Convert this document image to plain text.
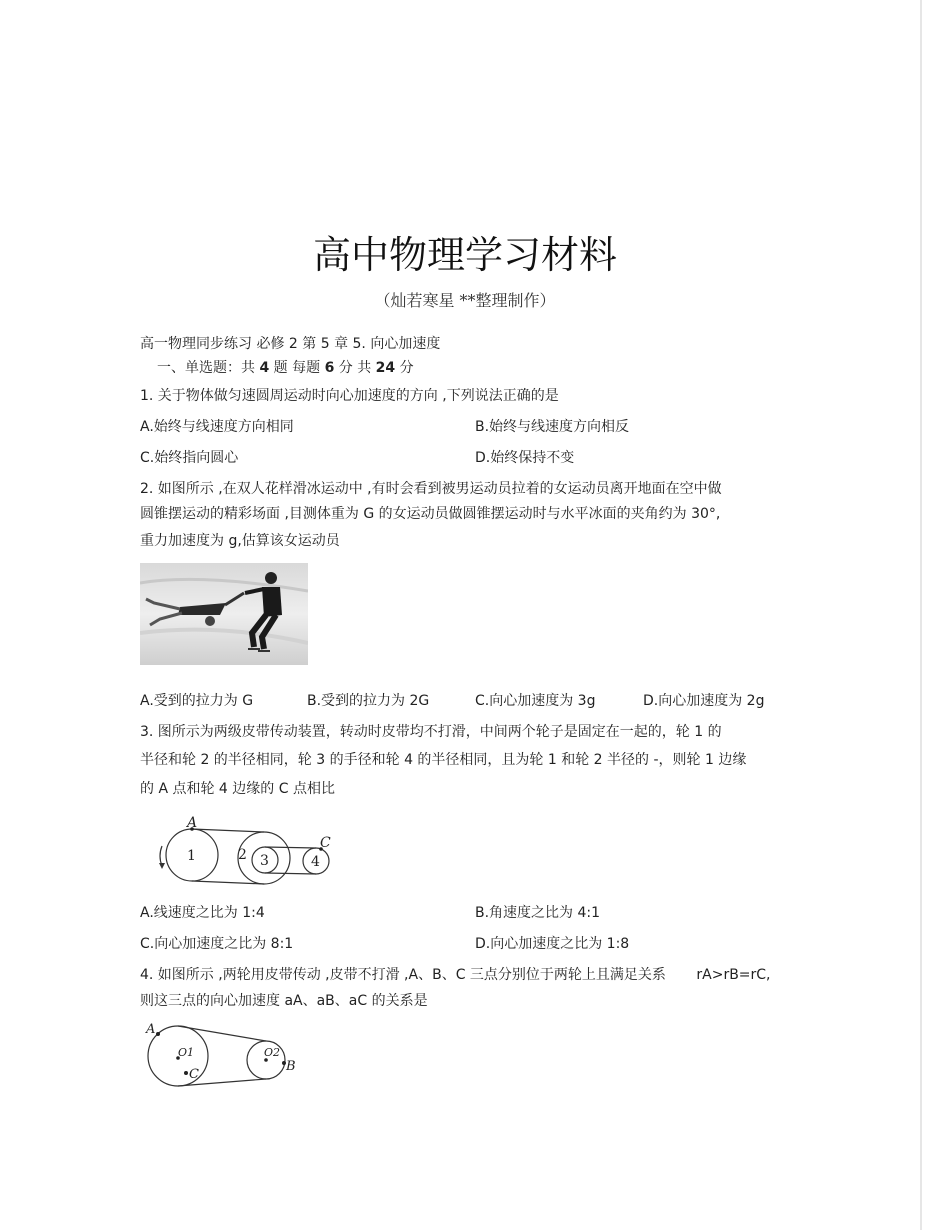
高中物理学习材料
（灿若寒星 **整理制作）
高一物理同步练习 必修 2 第 5 章 5. 向心加速度
一、单选题：共 4 题 每题 6 分 共 24 分
1. 关于物体做匀速圆周运动时向心加速度的方向 ,下列说法正确的是
A.始终与线速度方向相同	B.始终与线速度方向相反
C.始终指向圆心	D.始终保持不变
2. 如图所示 ,在双人花样滑冰运动中 ,有时会看到被男运动员拉着的女运动员离开地面在空中做
圆锥摆运动的精彩场面 ,目测体重为 G 的女运动员做圆锥摆运动时与水平冰面的夹角约为 30°,
重力加速度为 g,估算该女运动员
A.受到的拉力为 G	B.受到的拉力为 2G	C.向心加速度为 3g	D.向心加速度为 2g
3. 图所示为两级皮带传动装置，转动时皮带均不打滑，中间两个轮子是固定在一起的，轮 1 的
半径和轮 2 的半径相同，轮 3 的手径和轮 4 的半径相同，且为轮 1 和轮 2 半径的 -，则轮 1 边缘
的 A 点和轮 4 边缘的 C 点相比
A
C
1	2 3	4
A.线速度之比为 1:4	B.角速度之比为 4:1
C.向心加速度之比为 8:1	D.向心加速度之比为 1:8
4. 如图所示 ,两轮用皮带传动 ,皮带不打滑 ,A、B、C 三点分别位于两轮上且满足关系 rA>rB=rC,
则这三点的向心加速度 aA、aB、aC 的关系是
A
B
C
O1	O2
